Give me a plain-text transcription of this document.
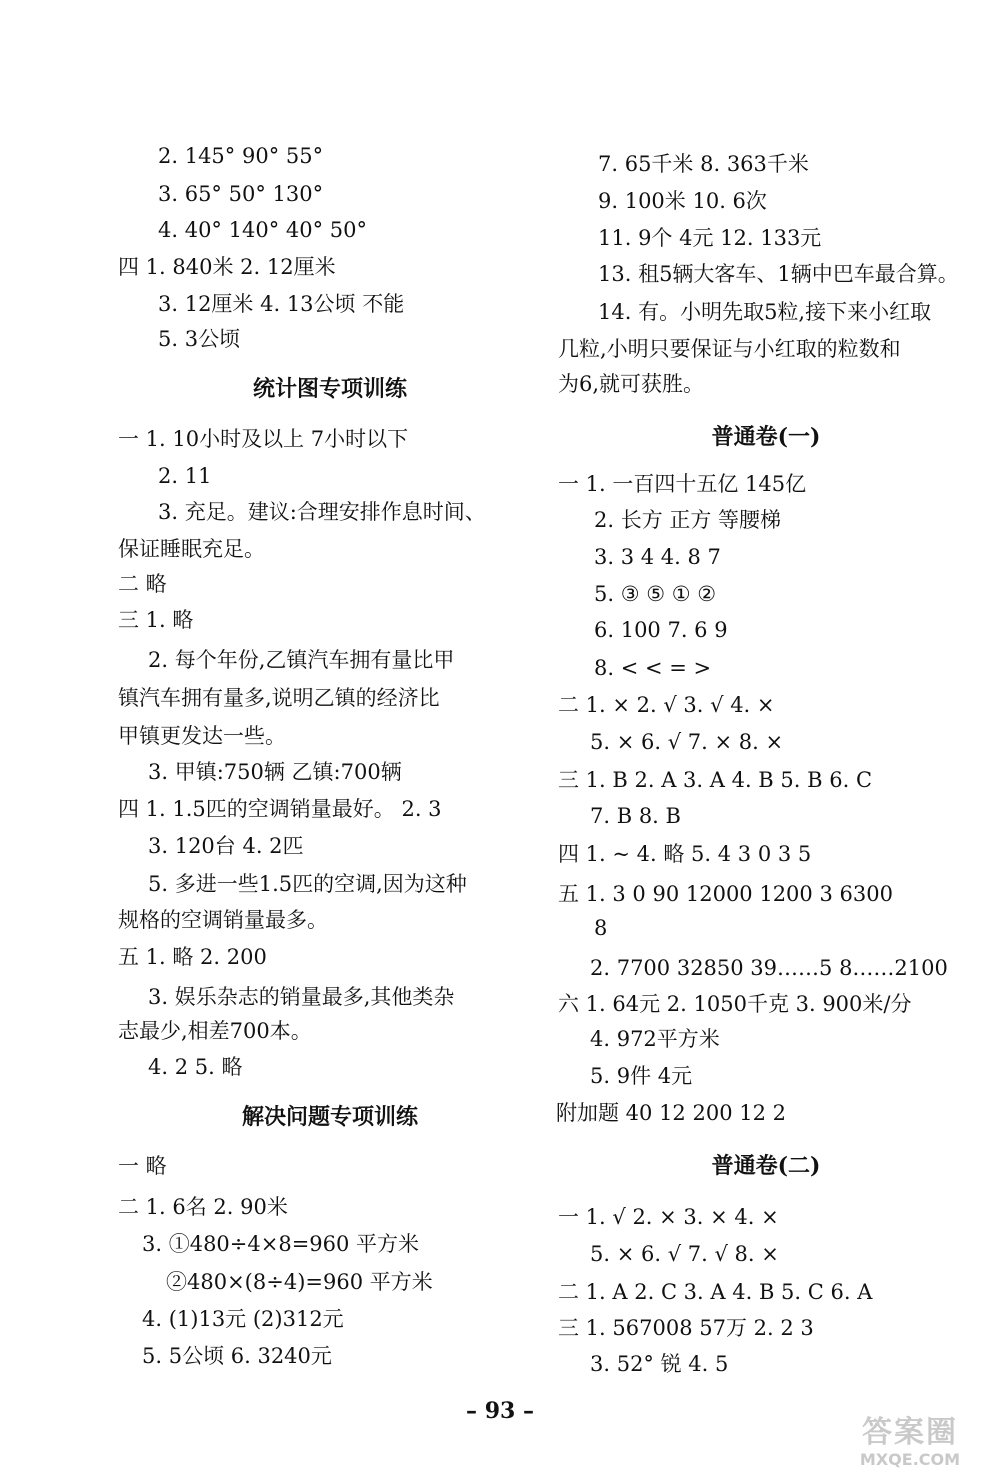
2. 145° 90° 55°
3. 65° 50° 130°
4. 40° 140° 40° 50°
四 1. 840米 2. 12厘米
3. 12厘米 4. 13公顷 不能
5. 3公顷
统计图专项训练
一 1. 10小时及以上 7小时以下
2. 11
3. 充足。建议:合理安排作息时间、
保证睡眠充足。
二 略
三 1. 略
2. 每个年份,乙镇汽车拥有量比甲
镇汽车拥有量多,说明乙镇的经济比
甲镇更发达一些。
3. 甲镇:750辆 乙镇:700辆
四 1. 1.5匹的空调销量最好。 2. 3
3. 120台 4. 2匹
5. 多进一些1.5匹的空调,因为这种
规格的空调销量最多。
五 1. 略 2. 200
3. 娱乐杂志的销量最多,其他类杂
志最少,相差700本。
4. 2 5. 略
解决问题专项训练
一 略
二 1. 6名 2. 90米
3. ①480÷4×8=960 平方米
②480×(8÷4)=960 平方米
4. (1)13元 (2)312元
5. 5公顷 6. 3240元
7. 65千米 8. 363千米
9. 100米 10. 6次
11. 9个 4元 12. 133元
13. 租5辆大客车、1辆中巴车最合算。
14. 有。小明先取5粒,接下来小红取
几粒,小明只要保证与小红取的粒数和
为6,就可获胜。
普通卷(一)
一 1. 一百四十五亿 145亿
2. 长方 正方 等腰梯
3. 3 4 4. 8 7
5. ③ ⑤ ① ②
6. 100 7. 6 9
8. < < = >
二 1. × 2. √ 3. √ 4. ×
5. × 6. √ 7. × 8. ×
三 1. B 2. A 3. A 4. B 5. B 6. C
7. B 8. B
四 1. ~ 4. 略 5. 4 3 0 3 5
五 1. 3 0 90 12000 1200 3 6300
8
2. 7700 32850 39……5 8……2100
六 1. 64元 2. 1050千克 3. 900米/分
4. 972平方米
5. 9件 4元
附加题 40 12 200 12 2
普通卷(二)
一 1. √ 2. × 3. × 4. ×
5. × 6. √ 7. √ 8. ×
二 1. A 2. C 3. A 4. B 5. C 6. A
三 1. 567008 57万 2. 2 3
3. 52° 锐 4. 5
– 93 –
答案圈
MXQE.COM
